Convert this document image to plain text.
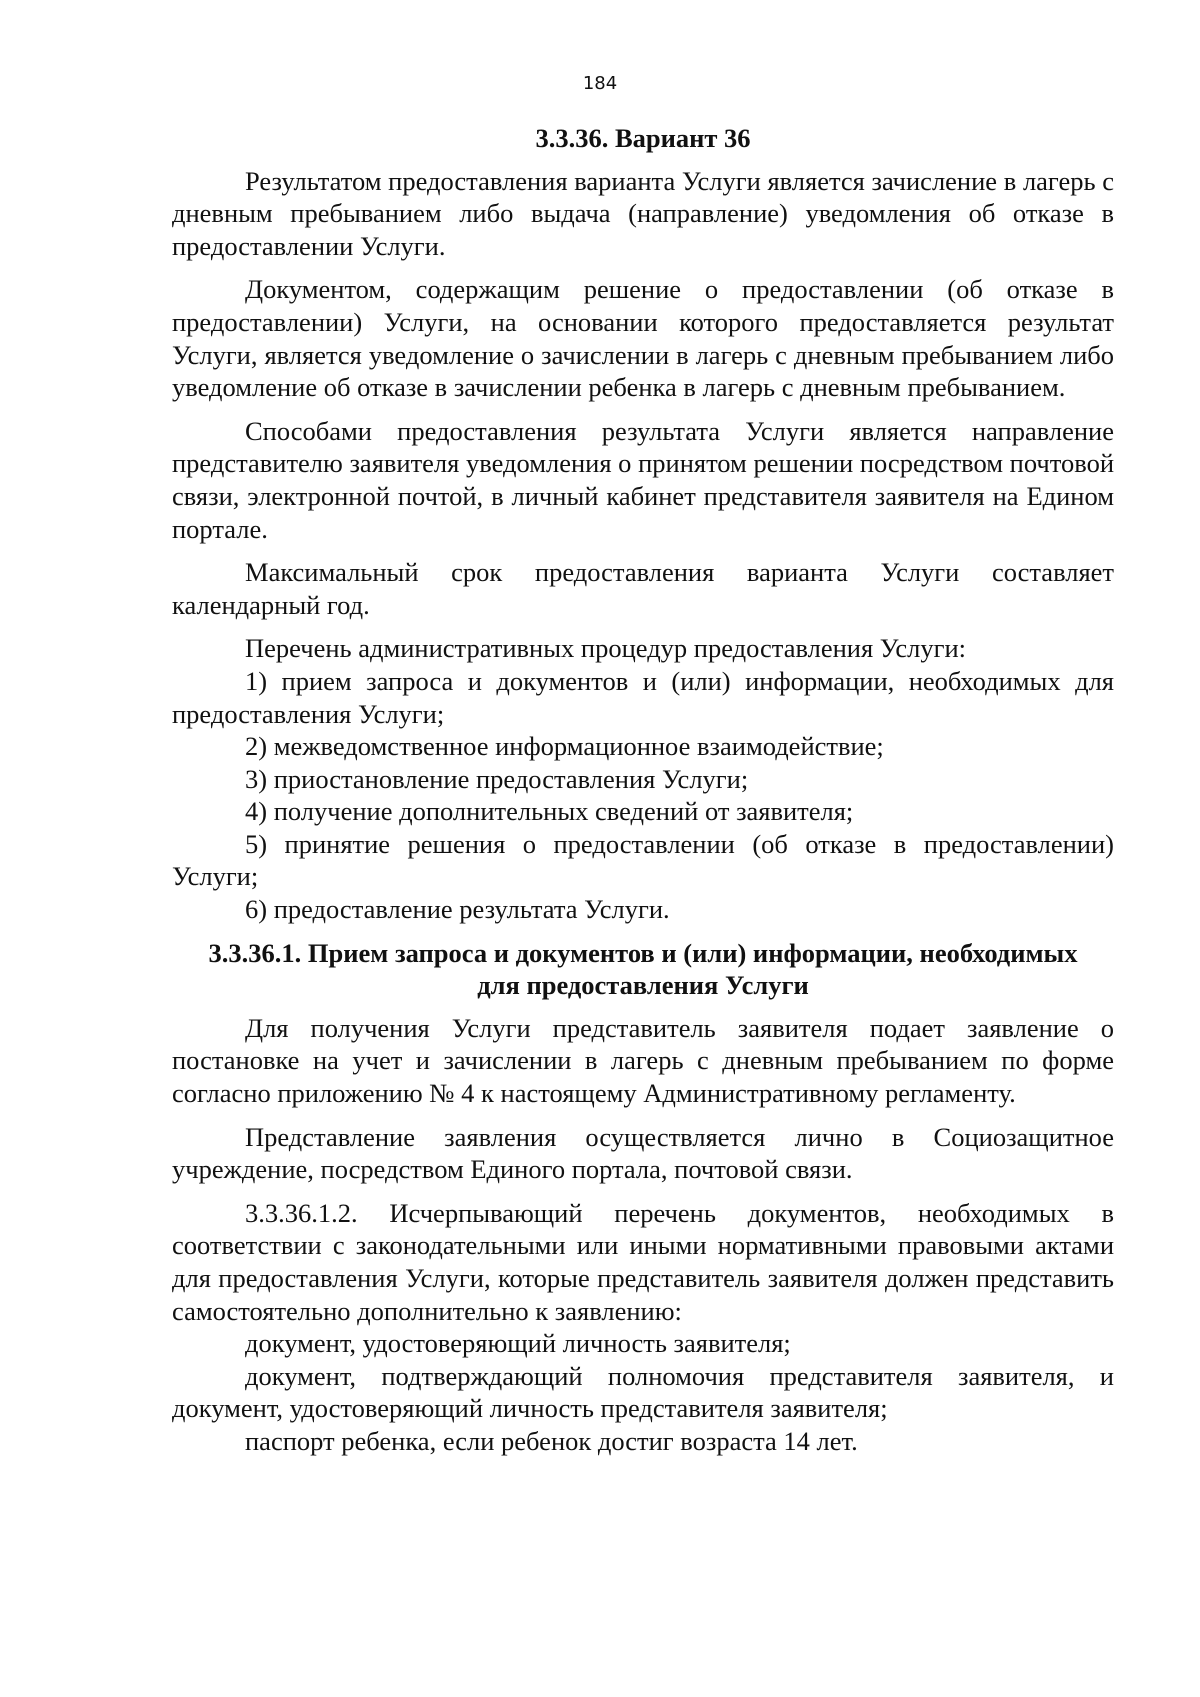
184
3.3.36. Вариант 36

Результатом предоставления варианта Услуги является зачисление в лагерь с дневным пребыванием либо выдача (направление) уведомления об отказе в предоставлении Услуги.

Документом, содержащим решение о предоставлении (об отказе в предоставлении) Услуги, на основании которого предоставляется результат Услуги, является уведомление о зачислении в лагерь с дневным пребыванием либо уведомление об отказе в зачислении ребенка в лагерь с дневным пребыванием.

Способами предоставления результата Услуги является направление представителю заявителя уведомления о принятом решении посредством почтовой связи, электронной почтой, в личный кабинет представителя заявителя на Едином портале.

Максимальный срок предоставления варианта Услуги составляет календарный год.

Перечень административных процедур предоставления Услуги:

1) прием запроса и документов и (или) информации, необходимых для предоставления Услуги;

2) межведомственное информационное взаимодействие;

3) приостановление предоставления Услуги;

4) получение дополнительных сведений от заявителя;

5) принятие решения о предоставлении (об отказе в предоставлении) Услуги;

6) предоставление результата Услуги.

3.3.36.1. Прием запроса и документов и (или) информации, необходимых
для предоставления Услуги

Для получения Услуги представитель заявителя подает заявление о постановке на учет и зачислении в лагерь с дневным пребыванием по форме согласно приложению № 4 к настоящему Административному регламенту.

Представление заявления осуществляется лично в Социозащитное учреждение, посредством Единого портала, почтовой связи.

3.3.36.1.2. Исчерпывающий перечень документов, необходимых в соответствии с законодательными или иными нормативными правовыми актами для предоставления Услуги, которые представитель заявителя должен представить самостоятельно дополнительно к заявлению:

документ, удостоверяющий личность заявителя;

документ, подтверждающий полномочия представителя заявителя, и документ, удостоверяющий личность представителя заявителя;

паспорт ребенка, если ребенок достиг возраста 14 лет.
